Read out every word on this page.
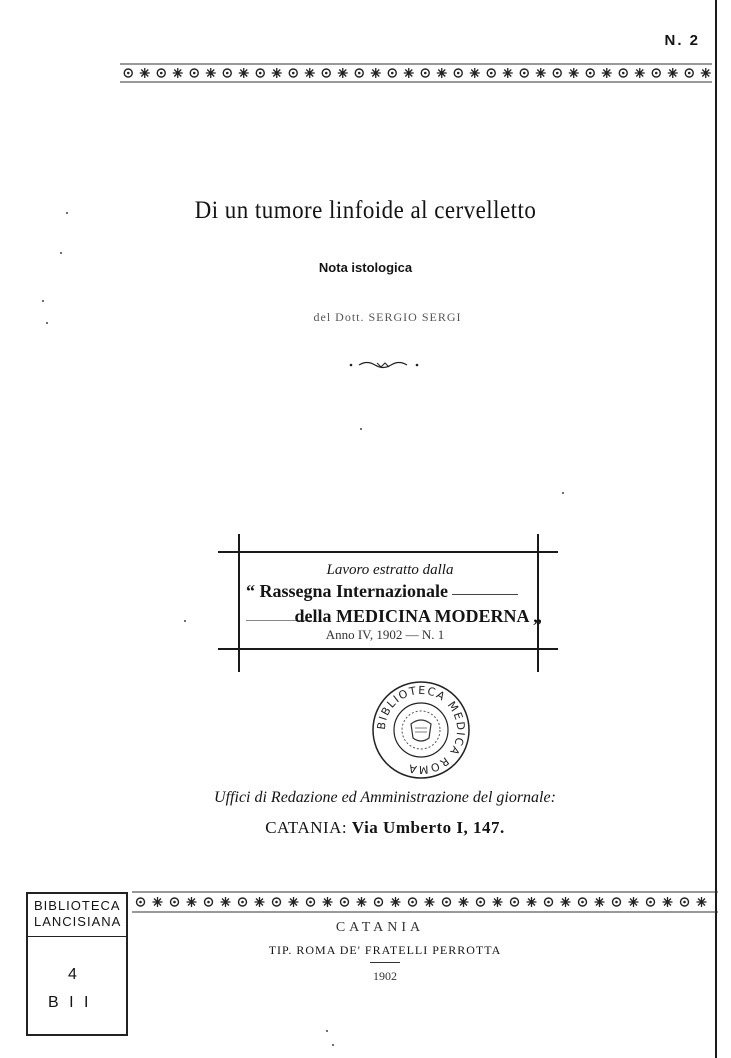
N. 2
Di un tumore linfoide al cervelletto
Nota istologica
del Dott. SERGIO SERGI
Lavoro estratto dalla
“ Rassegna Internazionale
della MEDICINA MODERNA „
Anno IV, 1902 — N. 1
BIBLIOTECA MEDICA ROMA
Uffici di Redazione ed Amministrazione del giornale:
CATANIA: Via Umberto I, 147.
CATANIA
TIP. ROMA DE' FRATELLI PERROTTA
1902
BIBLIOTECA LANCISIANA
4
B I I
